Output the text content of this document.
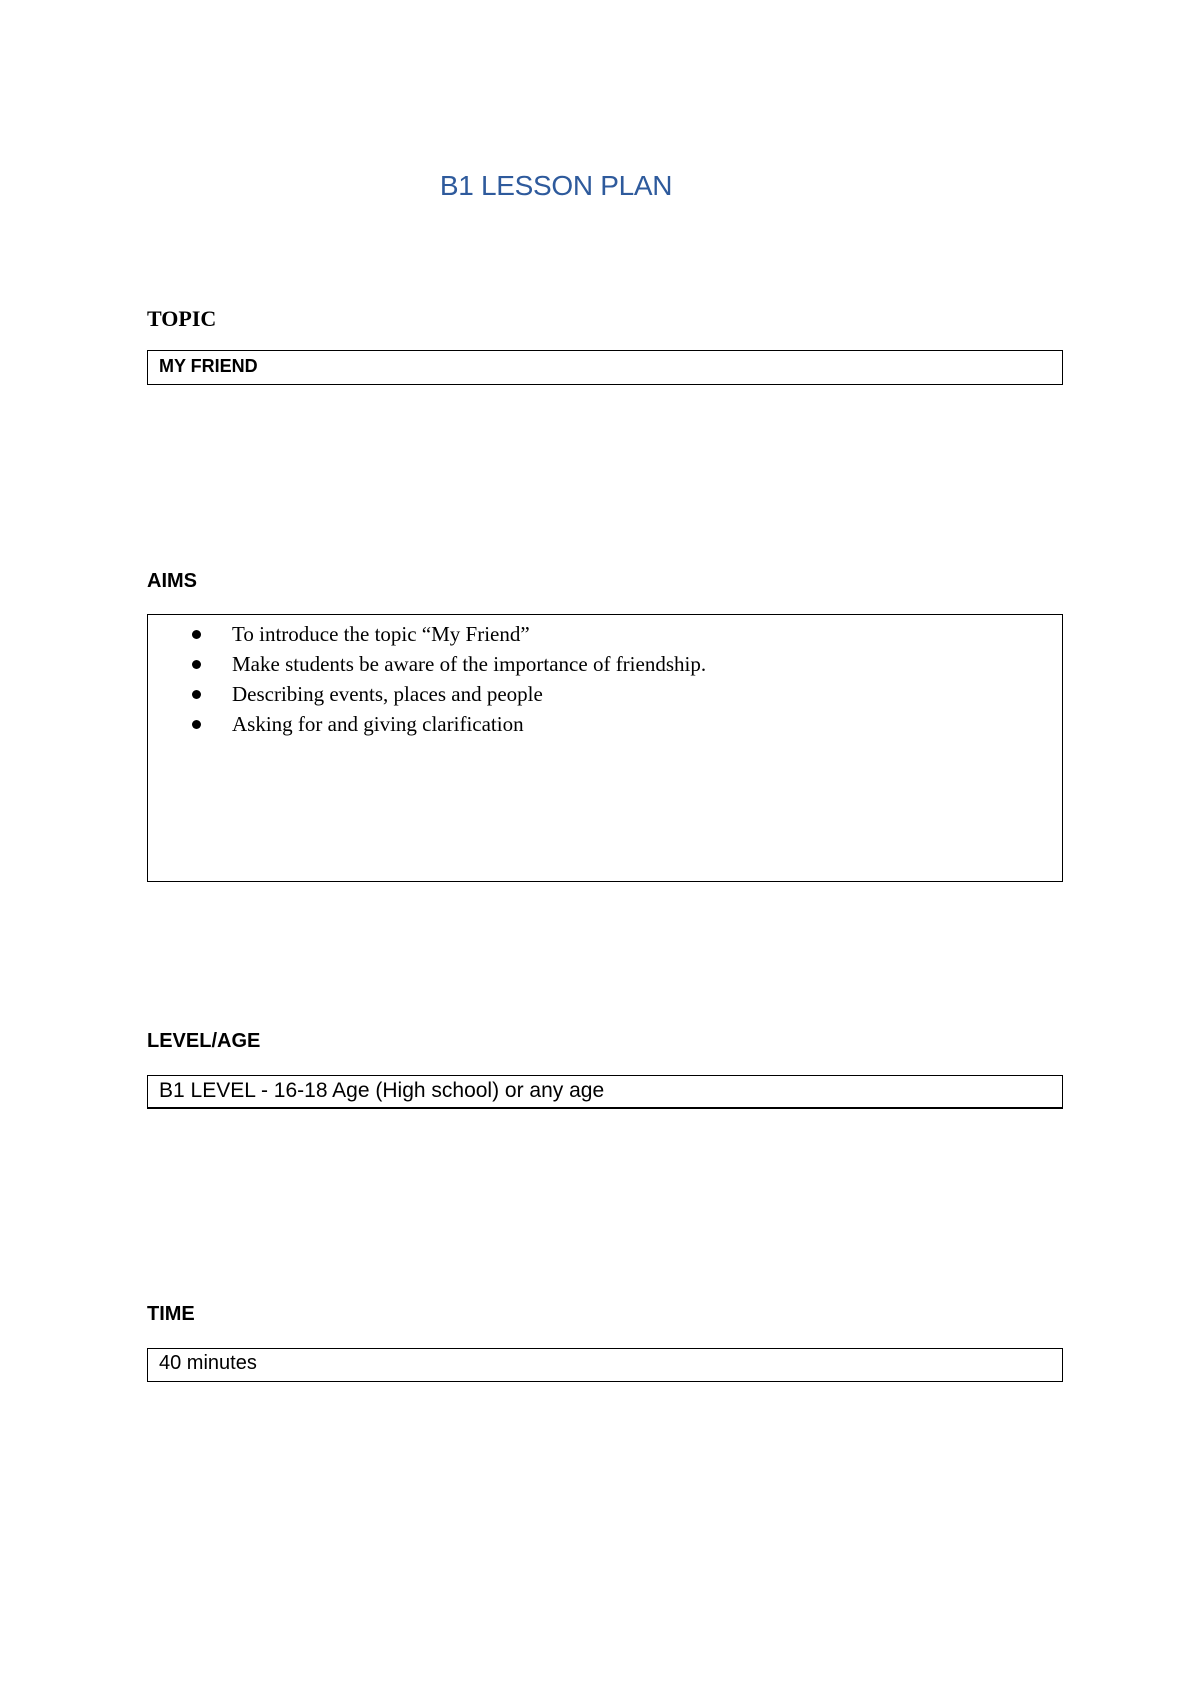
B1 LESSON PLAN
TOPIC
MY FRIEND
AIMS
To introduce the topic “My Friend”
Make students be aware of the importance of friendship.
Describing events, places and people
Asking for and giving clarification
LEVEL/AGE
B1 LEVEL - 16-18 Age (High school) or any age
TIME
40 minutes
